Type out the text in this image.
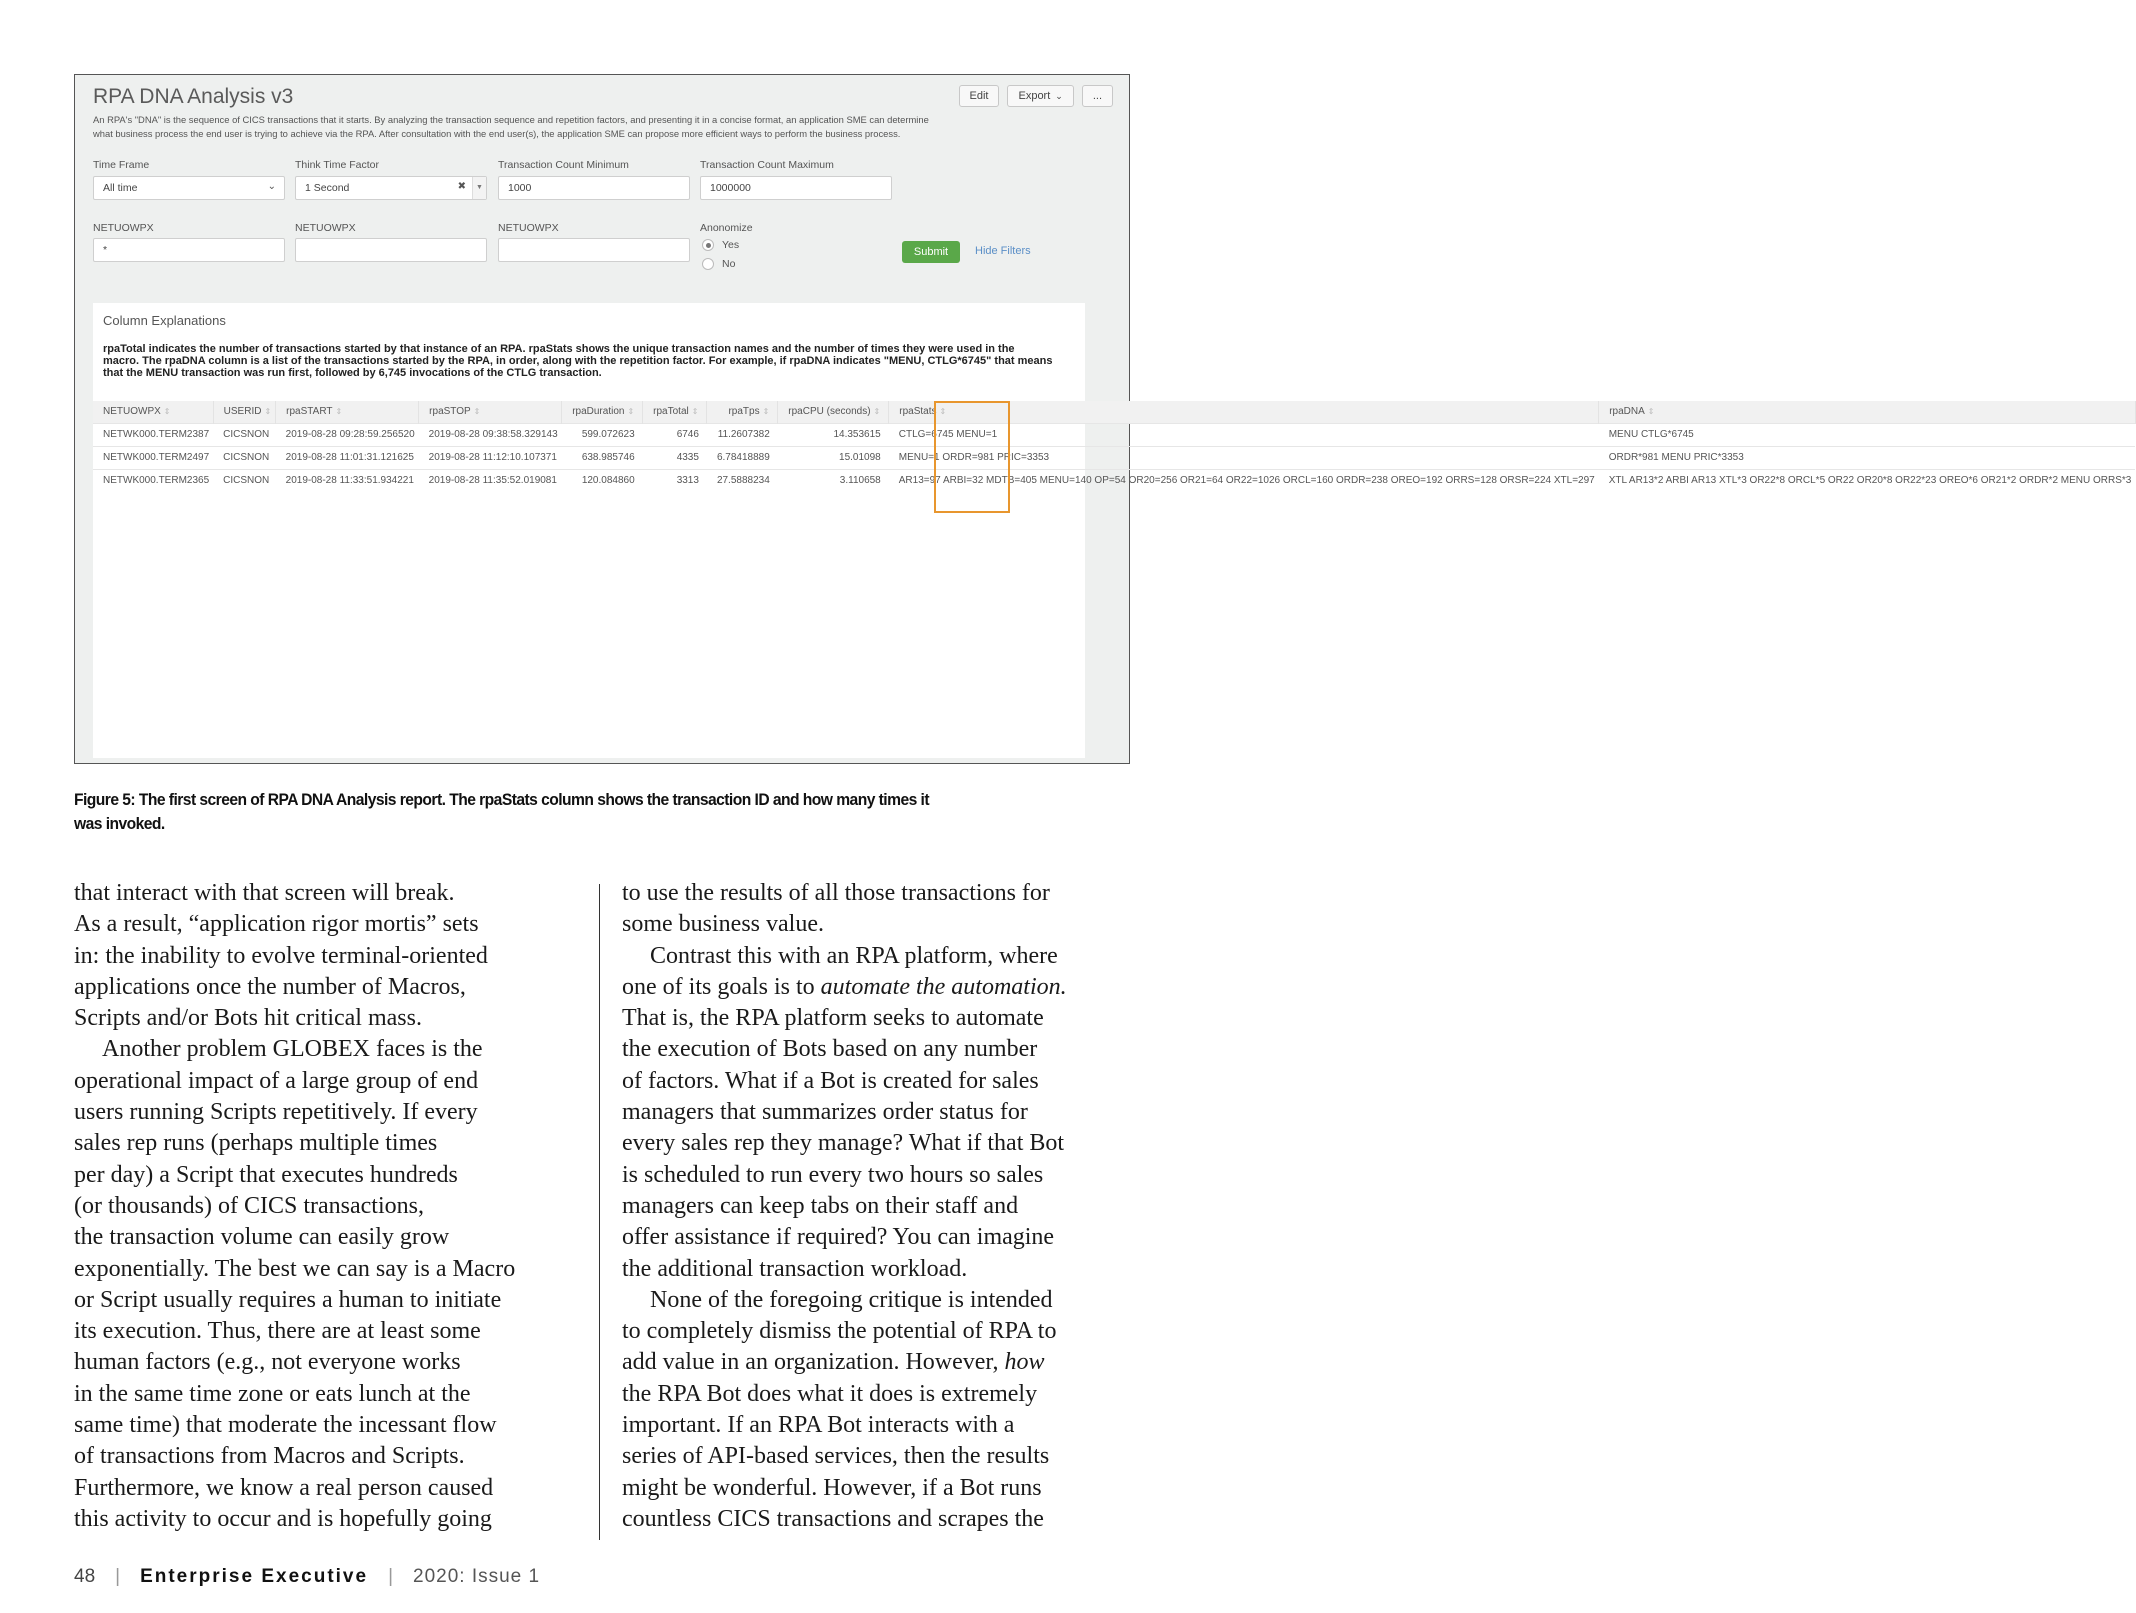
RPA DNA Analysis v3
An RPA's "DNA" is the sequence of CICS transactions that it starts. By analyzing the transaction sequence and repetition factors, and presenting it in a concise format, an application SME can determine what business process the end user is trying to achieve via the RPA. After consultation with the end user(s), the application SME can propose more efficient ways to perform the business process.
Edit	Export ⌄	...
Time Frame
All time	⌄
Think Time Factor
1 Second	✖	▼
Transaction Count Minimum
1000
Transaction Count Maximum
1000000
NETUOWPX
*
NETUOWPX	NETUOWPX	Anonomize
Yes
No
Submit	Hide Filters
Column Explanations
rpaTotal indicates the number of transactions started by that instance of an RPA. rpaStats shows the unique transaction names and the number of times they were used in the macro. The rpaDNA column is a list of the transactions started by the RPA, in order, along with the repetition factor. For example, if rpaDNA indicates "MENU, CTLG*6745" that means that the MENU transaction was run first, followed by 6,745 invocations of the CTLG transaction.
NETUOWPX ⇕	USERID ⇕	rpaSTART ⇕	rpaSTOP ⇕	rpaDuration ⇕	rpaTotal ⇕	rpaTps ⇕	rpaCPU (seconds) ⇕	rpaStats ⇕	rpaDNA ⇕
NETWK000.TERM2387	CICSNON	2019-08-28 09:28:59.256520	2019-08-28 09:38:58.329143	599.072623	6746	11.2607382	14.353615	CTLG=6745 MENU=1	MENU CTLG*6745
NETWK000.TERM2497	CICSNON	2019-08-28 11:01:31.121625	2019-08-28 11:12:10.107371	638.985746	4335	6.78418889	15.01098	MENU=1 ORDR=981 PRIC=3353	ORDR*981 MENU PRIC*3353
NETWK000.TERM2365	CICSNON	2019-08-28 11:33:51.934221	2019-08-28 11:35:52.019081	120.084860	3313	27.5888234	3.110658	AR13=97 ARBI=32 MDTB=405 MENU=140 OP=54 OR20=256 OR21=64 OR22=1026 ORCL=160 ORDR=238 OREO=192 ORRS=128 ORSR=224 XTL=297	XTL AR13*2 ARBI AR13 XTL*3 OR22*8 ORCL*5 OR22 OR20*8 OR22*23 OREO*6 OR21*2 ORDR*2 MENU ORRS*3
Figure 5: The first screen of RPA DNA Analysis report. The rpaStats column shows the transaction ID and how many times it was invoked.
that interact with that screen will break.
As a result, “application rigor mortis” sets
in: the inability to evolve terminal-oriented
applications once the number of Macros,
Scripts and/or Bots hit critical mass.
Another problem GLOBEX faces is the
operational impact of a large group of end
users running Scripts repetitively. If every
sales rep runs (perhaps multiple times
per day) a Script that executes hundreds
(or thousands) of CICS transactions,
the transaction volume can easily grow
exponentially. The best we can say is a Macro
or Script usually requires a human to initiate
its execution. Thus, there are at least some
human factors (e.g., not everyone works
in the same time zone or eats lunch at the
same time) that moderate the incessant flow
of transactions from Macros and Scripts.
Furthermore, we know a real person caused
this activity to occur and is hopefully going
to use the results of all those transactions for
some business value.
Contrast this with an RPA platform, where
one of its goals is to automate the automation.
That is, the RPA platform seeks to automate
the execution of Bots based on any number
of factors. What if a Bot is created for sales
managers that summarizes order status for
every sales rep they manage? What if that Bot
is scheduled to run every two hours so sales
managers can keep tabs on their staff and
offer assistance if required? You can imagine
the additional transaction workload.
None of the foregoing critique is intended
to completely dismiss the potential of RPA to
add value in an organization. However, how
the RPA Bot does what it does is extremely
important. If an RPA Bot interacts with a
series of API-based services, then the results
might be wonderful. However, if a Bot runs
countless CICS transactions and scrapes the
48 | Enterprise Executive | 2020: Issue 1
